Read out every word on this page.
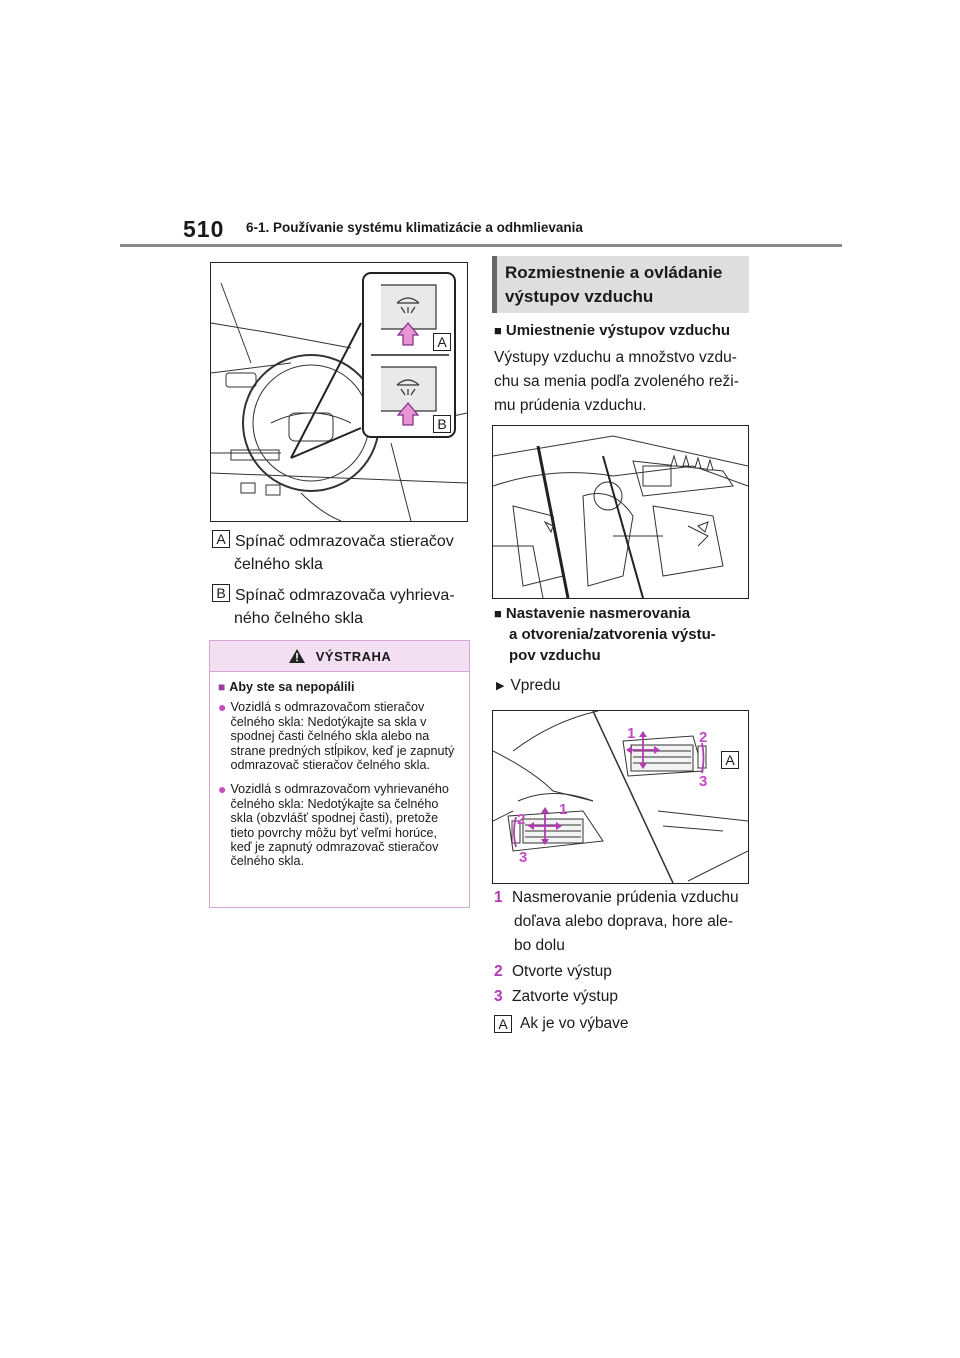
510 6-1. Používanie systému klimatizácie a odhmlievania
A
B
A Spínač odmrazovača stieračov
čelného skla
B Spínač odmrazovača vyhrieva-
ného čelného skla
VÝSTRAHA
■ Aby ste sa nepopálili
● Vozidlá s odmrazovačom stieračov čelného skla: Nedotýkajte sa skla v spodnej časti čelného skla alebo na strane predných stĺpikov, keď je zapnutý odmrazovač stieračov čelného skla.
● Vozidlá s odmrazovačom vyhrievaného čelného skla: Nedotýkajte sa čelného skla (obzvlášť spodnej časti), pretože tieto povrchy môžu byť veľmi horúce, keď je zapnutý odmrazovač stieračov čelného skla.
Rozmiestnenie a ovládanie
výstupov vzduchu
■ Umiestnenie výstupov vzduchu
Výstupy vzduchu a množstvo vzdu-
chu sa menia podľa zvoleného reži-
mu prúdenia vzduchu.
■ Nastavenie nasmerovania
a otvorenia/zatvorenia výstu-
pov vzduchu
▶ Vpredu
1	2
3
1
2
3
A
1 Nasmerovanie prúdenia vzduchu
doľava alebo doprava, hore ale-
bo dolu
2 Otvorte výstup
3 Zatvorte výstup
A Ak je vo výbave
